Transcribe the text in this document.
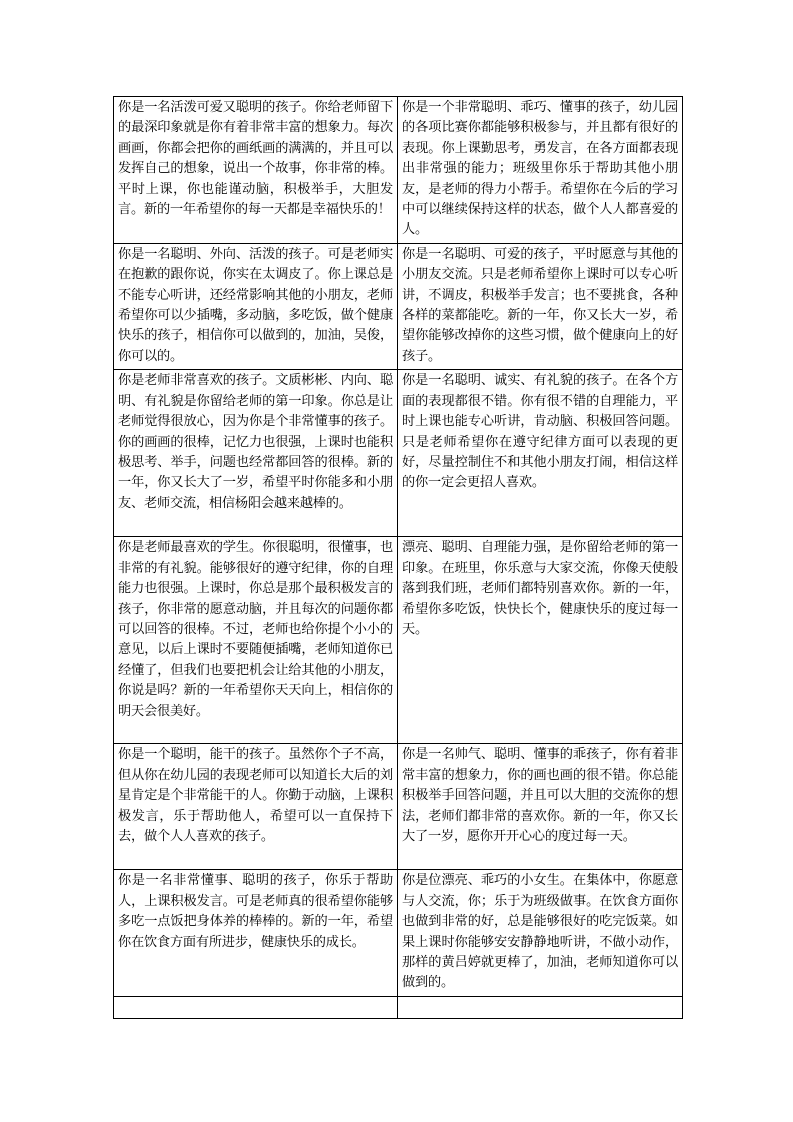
你是一名活泼可爱又聪明的孩子。你给老师留下的最深印象就是你有着非常丰富的想象力。每次画画，你都会把你的画纸画的满满的，并且可以发挥自己的想象，说出一个故事，你非常的棒。平时上课，你也能谨动脑，积极举手，大胆发言。新的一年希望你的每一天都是幸福快乐的！	你是一个非常聪明、乖巧、懂事的孩子，幼儿园的各项比赛你都能够积极参与，并且都有很好的表现。你上课勤思考，勇发言，在各方面都表现出非常强的能力；班级里你乐于帮助其他小朋友，是老师的得力小帮手。希望你在今后的学习中可以继续保持这样的状态，做个人人都喜爱的人。
你是一名聪明、外向、活泼的孩子。可是老师实在抱歉的跟你说，你实在太调皮了。你上课总是不能专心听讲，还经常影响其他的小朋友，老师希望你可以少插嘴，多动脑，多吃饭，做个健康快乐的孩子，相信你可以做到的，加油，吴俊，你可以的。	你是一名聪明、可爱的孩子，平时愿意与其他的小朋友交流。只是老师希望你上课时可以专心听讲，不调皮，积极举手发言；也不要挑食，各种各样的菜都能吃。新的一年，你又长大一岁，希望你能够改掉你的这些习惯，做个健康向上的好孩子。
你是老师非常喜欢的孩子。文质彬彬、内向、聪明、有礼貌是你留给老师的第一印象。你总是让老师觉得很放心，因为你是个非常懂事的孩子。你的画画的很棒，记忆力也很强，上课时也能积极思考、举手，问题也经常都回答的很棒。新的一年，你又长大了一岁，希望平时你能多和小朋友、老师交流，相信杨阳会越来越棒的。	你是一名聪明、诚实、有礼貌的孩子。在各个方面的表现都很不错。你有很不错的自理能力，平时上课也能专心听讲，肯动脑、积极回答问题。只是老师希望你在遵守纪律方面可以表现的更好，尽量控制住不和其他小朋友打闹，相信这样的你一定会更招人喜欢。
你是老师最喜欢的学生。你很聪明，很懂事，也非常的有礼貌。能够很好的遵守纪律，你的自理能力也很强。上课时，你总是那个最积极发言的孩子，你非常的愿意动脑，并且每次的问题你都可以回答的很棒。不过，老师也给你提个小小的意见，以后上课时不要随便插嘴，老师知道你已经懂了，但我们也要把机会让给其他的小朋友，你说是吗？新的一年希望你天天向上，相信你的明天会很美好。	漂亮、聪明、自理能力强，是你留给老师的第一印象。在班里，你乐意与大家交流，你像天使般落到我们班，老师们都特别喜欢你。新的一年，希望你多吃饭，快快长个，健康快乐的度过每一天。
你是一个聪明，能干的孩子。虽然你个子不高，但从你在幼儿园的表现老师可以知道长大后的刘星肯定是个非常能干的人。你勤于动脑，上课积极发言，乐于帮助他人，希望可以一直保持下去，做个人人喜欢的孩子。	你是一名帅气、聪明、懂事的乖孩子，你有着非常丰富的想象力，你的画也画的很不错。你总能积极举手回答问题，并且可以大胆的交流你的想法，老师们都非常的喜欢你。新的一年，你又长大了一岁，愿你开开心心的度过每一天。
你是一名非常懂事、聪明的孩子，你乐于帮助人，上课积极发言。可是老师真的很希望你能够多吃一点饭把身体养的棒棒的。新的一年，希望你在饮食方面有所进步，健康快乐的成长。	你是位漂亮、乖巧的小女生。在集体中，你愿意与人交流，你；乐于为班级做事。在饮食方面你也做到非常的好，总是能够很好的吃完饭菜。如果上课时你能够安安静静地听讲，不做小动作，那样的黄吕婷就更棒了，加油，老师知道你可以做到的。
